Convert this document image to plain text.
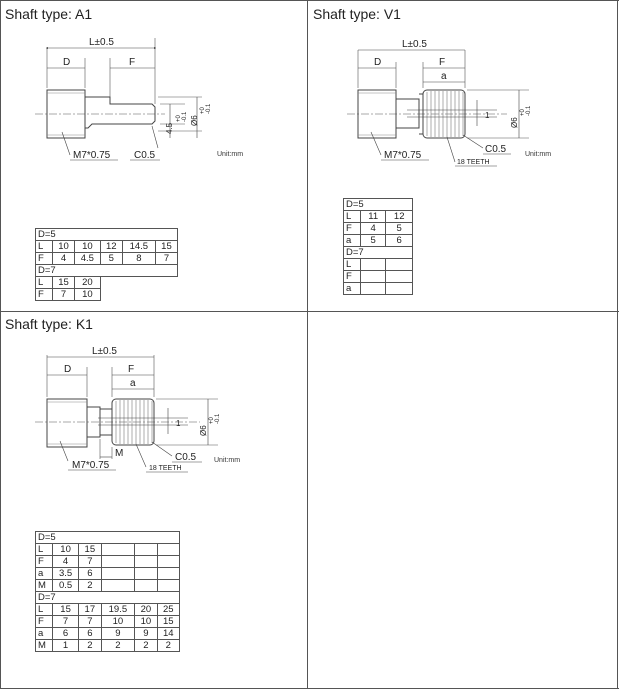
Shaft type: A1
L±0.5
D	F
4.5
+0 -0.1 Ø6
+0 -0.1
M7*0.75 C0.5	Unit:mm
D=5					
L	10	10	12	14.5	15
F	4	4.5	5	8	7
D=7					
L	15	20			
F	7	10			
Shaft type: V1
1
L±0.5
D	F
a
Ø6
+0 -0.1
M7*0.75
C0.5
18 TEETH
Unit:mm
D=5		
L	11	12
F	4	5
a	5	6
D=7		
L		
F		
a		
Shaft type: K1
1
L±0.5
D	F
a
M
Ø6
+0 -0.1
M7*0.75
C0.5
18 TEETH
Unit:mm
D=5					
L	10	15			
F	4	7			
a	3.5	6			
M	0.5	2			
D=7					
L	15	17	19.5	20	25
F	7	7	10	10	15
a	6	6	9	9	14
M	1	2	2	2	2
